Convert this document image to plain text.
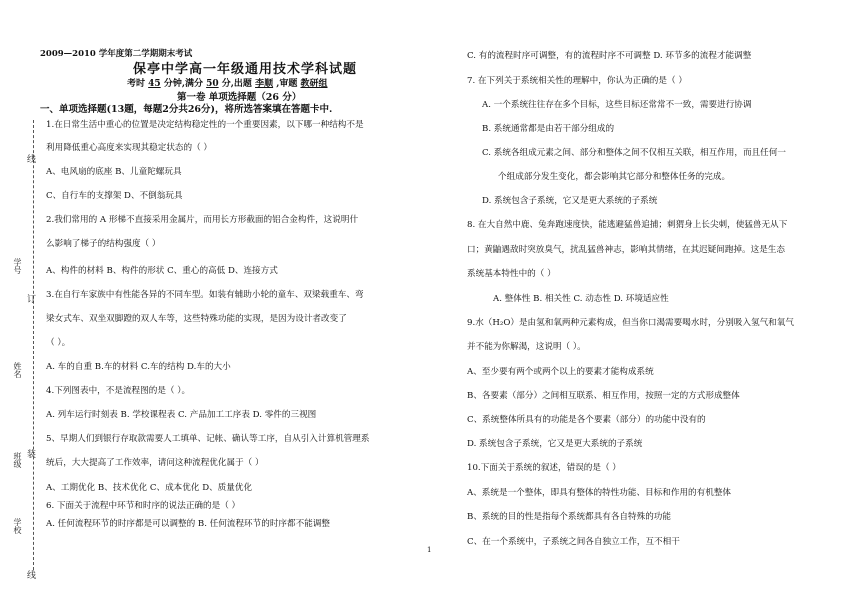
线
学号
订
姓名
班级 装
学校
线
2009—2010 学年度第二学期期末考试
保亭中学高一年级通用技术学科试题
考时 45 分钟,满分 50 分,出题 李顺 ,审题 教研组
第一卷 单项选择题（26 分）
一、单项选择题(13题，每题2分共26分)，将所选答案填在答题卡中.
1.在日常生活中重心的位置是决定结构稳定性的一个重要因素，以下哪一种结构不是
利用降低重心高度来实现其稳定状态的（ ）
A、电风扇的底座 B、儿童陀螺玩具
C、自行车的支撑架 D、不倒翁玩具
2.我们常用的 A 形梯不直接采用金属片，而用长方形截面的铝合金构件，这说明什
么影响了梯子的结构强度（ ）
A、构件的材料 B、构件的形状 C、重心的高低 D、连接方式
3.在自行车家族中有性能各异的不同车型。如装有辅助小轮的童车、双梁载重车、弯
梁女式车、双坐双脚蹬的双人车等，这些特殊功能的实现，是因为设计者改变了
（ ）。
A. 车的自重 B.车的材料 C.车的结构 D.车的大小
4.下列图表中，不是流程图的是（ ）。
A. 列车运行时刻表 B. 学校课程表 C. 产品加工工序表 D. 零件的三视图
5、早期人们到银行存取款需要人工填单、记帐、确认等工序，自从引入计算机管理系
统后，大大提高了工作效率，请问这种流程优化属于（ ）
A、工期优化 B、技术优化 C、成本优化 D、质量优化
6. 下面关于流程中环节和时序的说法正确的是（ ）
A. 任何流程环节的时序都是可以调整的 B. 任何流程环节的时序都不能调整
1
C. 有的流程时序可调整，有的流程时序不可调整 D. 环节多的流程才能调整
7. 在下列关于系统相关性的理解中，你认为正确的是（ ）
A. 一个系统往往存在多个目标，这些目标还常常不一致，需要进行协调
B. 系统通常都是由若干部分组成的
C. 系统各组成元素之间、部分和整体之间不仅相互关联，相互作用，而且任何一
个组成部分发生变化，都会影响其它部分和整体任务的完成。
D. 系统包含子系统，它又是更大系统的子系统
8. 在大自然中鹿、兔奔跑速度快，能逃避猛兽追捕；刺猬身上长尖刺，使猛兽无从下
口；黄鼬遇敌时突放臭气，扰乱猛兽神志，影响其情绪，在其迟疑间跑掉。这是生态
系统基本特性中的（ ）
A. 整体性 B. 相关性 C. 动态性 D. 环境适应性
9.水（H₂O）是由氢和氧两种元素构成，但当你口渴需要喝水时，分别吸入氢气和氧气
并不能为你解渴，这说明（ ）。
A、至少要有两个或两个以上的要素才能构成系统
B、各要素（部分）之间相互联系、相互作用，按照一定的方式形成整体
C、系统整体所具有的功能是各个要素（部分）的功能中没有的
D. 系统包含子系统，它又是更大系统的子系统
10.下面关于系统的叙述，错误的是（ ）
A、系统是一个整体，即具有整体的特性功能、目标和作用的有机整体
B、系统的目的性是指每个系统都具有各自特殊的功能
C、在一个系统中，子系统之间各自独立工作，互不相干
